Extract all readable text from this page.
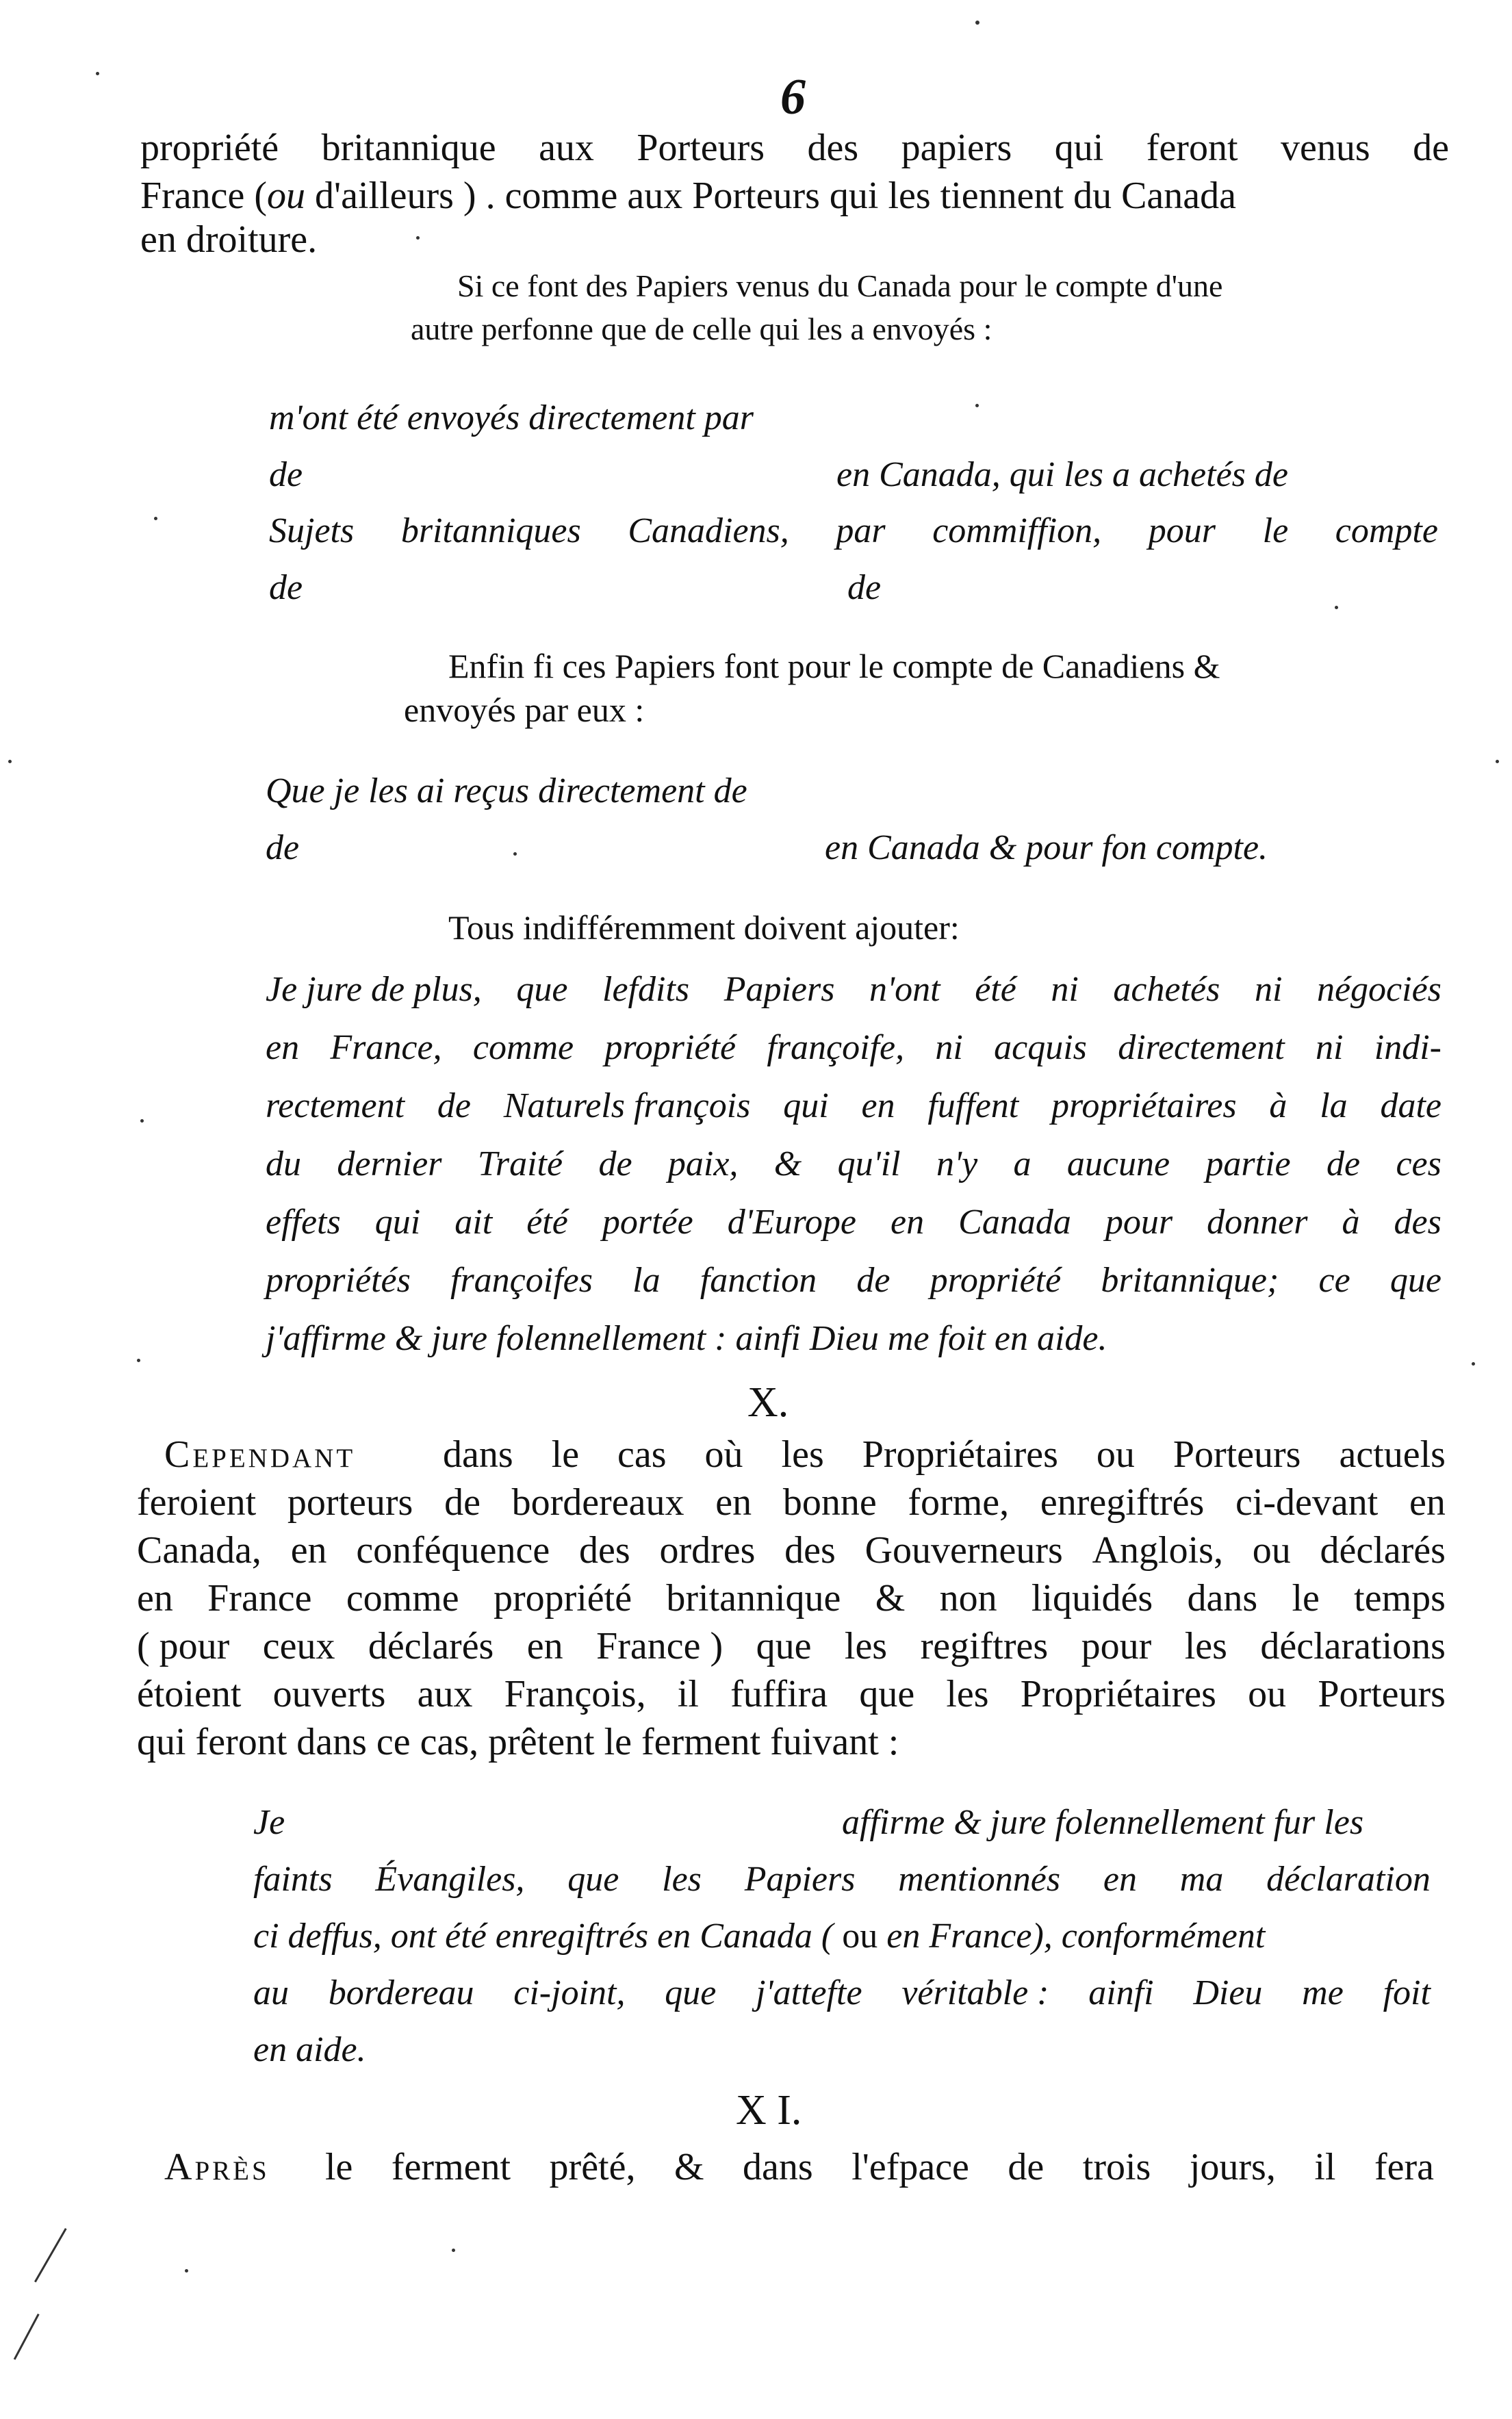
6
propriété britannique aux Porteurs des papiers qui feront venus de
France (ou d'ailleurs ) . comme aux Porteurs qui les tiennent du Canada
en droiture.
Si ce font des Papiers venus du Canada pour le compte d'une
autre perfonne que de celle qui les a envoyés :
m'ont été envoyés directement par
de	en Canada, qui les a achetés de
Sujets britanniques Canadiens, par commiffion, pour le compte
de	de
Enfin fi ces Papiers font pour le compte de Canadiens &
envoyés par eux :
Que je les ai reçus directement de
de	en Canada & pour fon compte.
Tous indifféremment doivent ajouter:
Je jure de plus, que lefdits Papiers n'ont été ni achetés ni négociés
en France, comme propriété françoife, ni acquis directement ni indi-
rectement de Naturels françois qui en fuffent propriétaires à la date
du dernier Traité de paix, & qu'il n'y a aucune partie de ces
effets qui ait été portée d'Europe en Canada pour donner à des
propriétés françoifes la fanction de propriété britannique; ce que
j'affirme & jure folennellement : ainfi Dieu me foit en aide.
X.
Cependant dans le cas où les Propriétaires ou Porteurs actuels
feroient porteurs de bordereaux en bonne forme, enregiftrés ci-devant en
Canada, en conféquence des ordres des Gouverneurs Anglois, ou déclarés
en France comme propriété britannique & non liquidés dans le temps
( pour ceux déclarés en France ) que les regiftres pour les déclarations
étoient ouverts aux François, il fuffira que les Propriétaires ou Porteurs
qui feront dans ce cas, prêtent le ferment fuivant :
Je	affirme & jure folennellement fur les
faints Évangiles, que les Papiers mentionnés en ma déclaration
ci deffus, ont été enregiftrés en Canada ( ou en France), conformément
au bordereau ci-joint, que j'attefte véritable : ainfi Dieu me foit
en aide.
X I.
Après le ferment prêté, & dans l'efpace de trois jours, il fera
